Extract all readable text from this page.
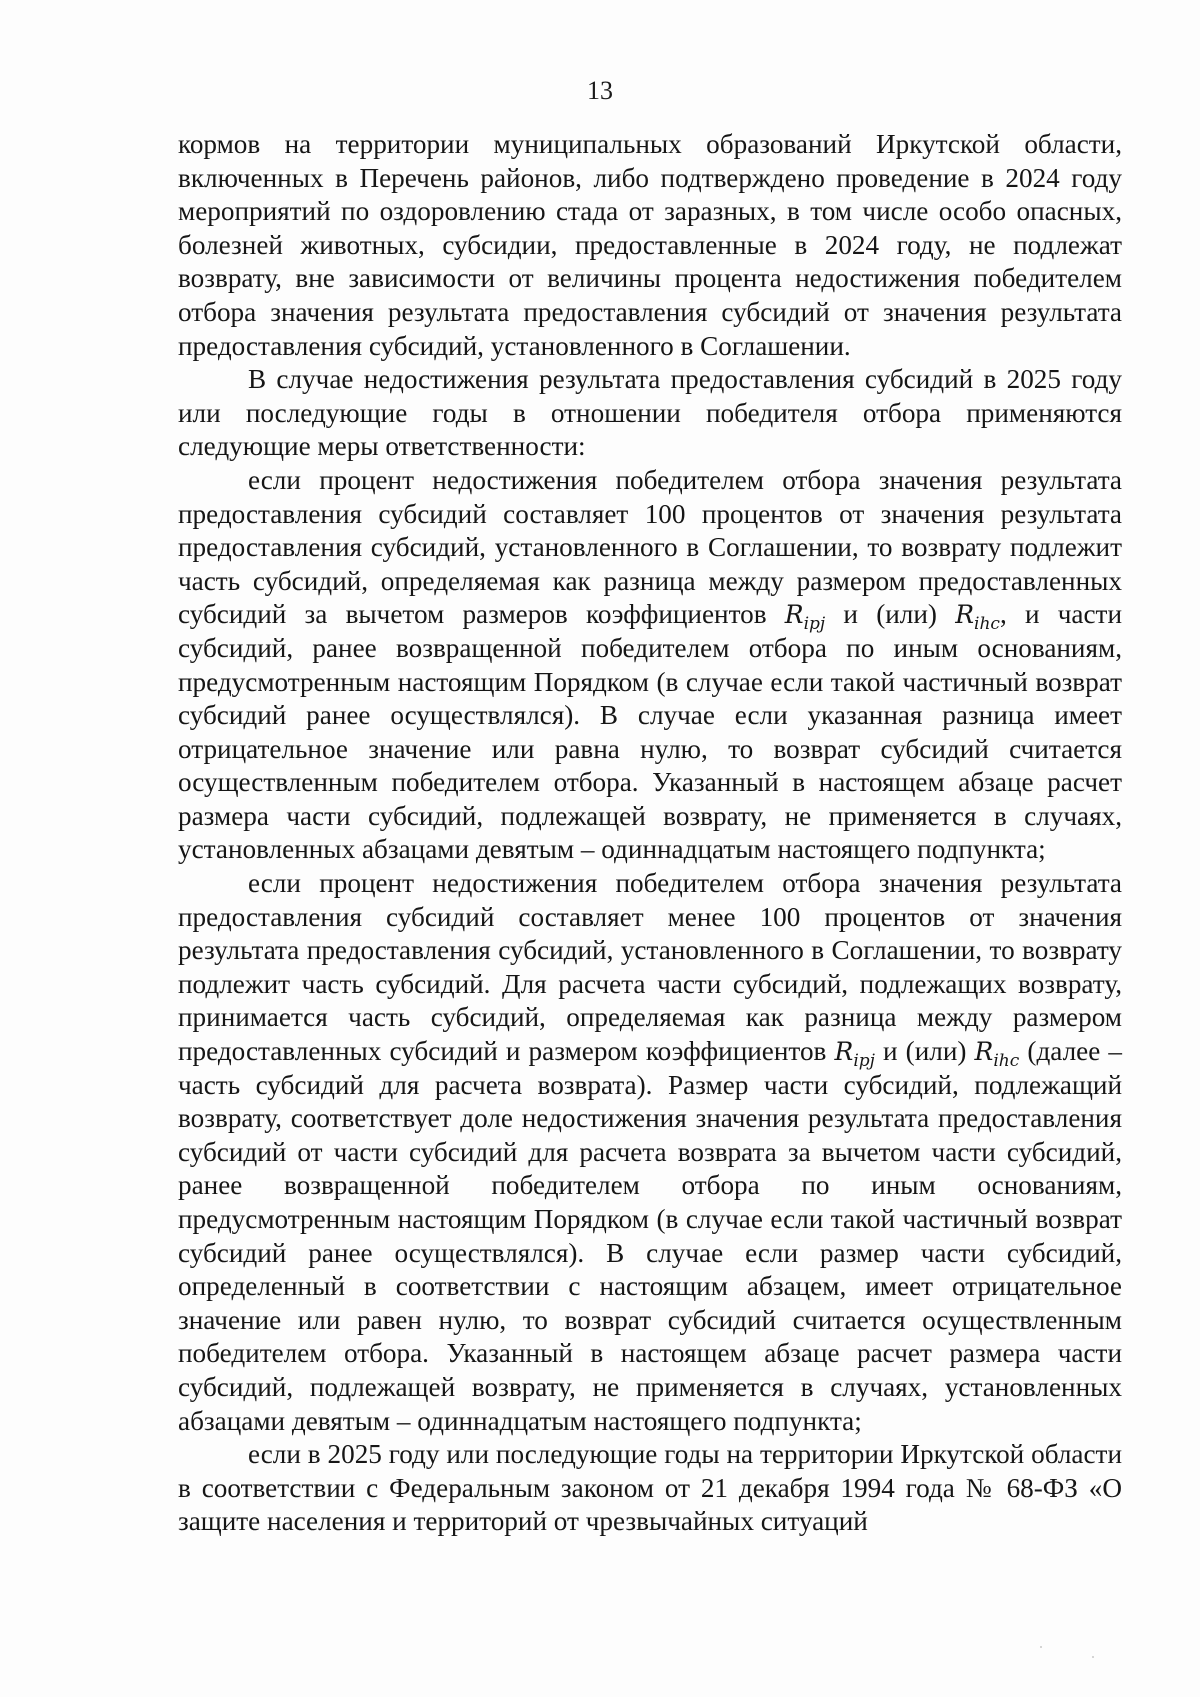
13

кормов на территории муниципальных образований Иркутской области, включенных в Перечень районов, либо подтверждено проведение в 2024 году мероприятий по оздоровлению стада от заразных, в том числе особо опасных, болезней животных, субсидии, предоставленные в 2024 году, не подлежат возврату, вне зависимости от величины процента недостижения победителем отбора значения результата предоставления субсидий от значения результата предоставления субсидий, установленного в Соглашении.

В случае недостижения результата предоставления субсидий в 2025 году или последующие годы в отношении победителя отбора применяются следующие меры ответственности:

если процент недостижения победителем отбора значения результата предоставления субсидий составляет 100 процентов от значения результата предоставления субсидий, установленного в Соглашении, то возврату подлежит часть субсидий, определяемая как разница между размером предоставленных субсидий за вычетом размеров коэффициентов $R_{ipj}$ и (или) $R_{ihc}$, и части субсидий, ранее возвращенной победителем отбора по иным основаниям, предусмотренным настоящим Порядком (в случае если такой частичный возврат субсидий ранее осуществлялся). В случае если указанная разница имеет отрицательное значение или равна нулю, то возврат субсидий считается осуществленным победителем отбора. Указанный в настоящем абзаце расчет размера части субсидий, подлежащей возврату, не применяется в случаях, установленных абзацами девятым – одиннадцатым настоящего подпункта;

если процент недостижения победителем отбора значения результата предоставления субсидий составляет менее 100 процентов от значения результата предоставления субсидий, установленного в Соглашении, то возврату подлежит часть субсидий. Для расчета части субсидий, подлежащих возврату, принимается часть субсидий, определяемая как разница между размером предоставленных субсидий и размером коэффициентов $R_{ipj}$ и (или) $R_{ihc}$ (далее – часть субсидий для расчета возврата). Размер части субсидий, подлежащий возврату, соответствует доле недостижения значения результата предоставления субсидий от части субсидий для расчета возврата за вычетом части субсидий, ранее возвращенной победителем отбора по иным основаниям, предусмотренным настоящим Порядком (в случае если такой частичный возврат субсидий ранее осуществлялся). В случае если размер части субсидий, определенный в соответствии с настоящим абзацем, имеет отрицательное значение или равен нулю, то возврат субсидий считается осуществленным победителем отбора. Указанный в настоящем абзаце расчет размера части субсидий, подлежащей возврату, не применяется в случаях, установленных абзацами девятым – одиннадцатым настоящего подпункта;

если в 2025 году или последующие годы на территории Иркутской области в соответствии с Федеральным законом от 21 декабря 1994 года № 68-ФЗ «О защите населения и территорий от чрезвычайных ситуаций
